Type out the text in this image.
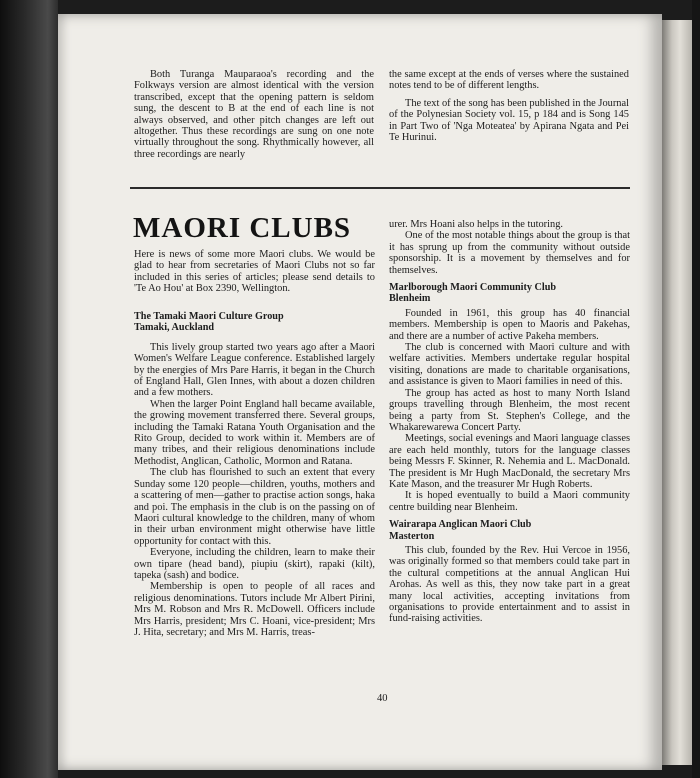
Both Turanga Mauparaoa's recording and the Folkways version are almost identical with the version transcribed, except that the opening pattern is seldom sung, the descent to B at the end of each line is not always observed, and other pitch changes are left out altogether. Thus these recordings are sung on one note virtually throughout the song. Rhythmically however, all three recordings are nearly

the same except at the ends of verses where the sustained notes tend to be of different lengths.

The text of the song has been published in the Journal of the Polynesian Society vol. 15, p 184 and is Song 145 in Part Two of 'Nga Moteatea' by Apirana Ngata and Pei Te Hurinui.

MAORI CLUBS

Here is news of some more Maori clubs. We would be glad to hear from secretaries of Maori Clubs not so far included in this series of articles; please send details to 'Te Ao Hou' at Box 2390, Wellington.

The Tamaki Maori Culture Group
Tamaki, Auckland

This lively group started two years ago after a Maori Women's Welfare League conference. Established largely by the energies of Mrs Pare Harris, it began in the Church of England Hall, Glen Innes, with about a dozen children and a few mothers.

When the larger Point England hall became available, the growing movement transferred there. Several groups, including the Tamaki Ratana Youth Organisation and the Rito Group, decided to work within it. Members are of many tribes, and their religious denominations include Methodist, Anglican, Catholic, Mormon and Ratana.

The club has flourished to such an extent that every Sunday some 120 people—children, youths, mothers and a scattering of men—gather to practise action songs, haka and poi. The emphasis in the club is on the passing on of Maori cultural knowledge to the children, many of whom in their urban environment might otherwise have little opportunity for contact with this.

Everyone, including the children, learn to make their own tipare (head band), piupiu (skirt), rapaki (kilt), tapeka (sash) and bodice.

Membership is open to people of all races and religious denominations. Tutors include Mr Albert Pirini, Mrs M. Robson and Mrs R. McDowell. Officers include Mrs Harris, president; Mrs C. Hoani, vice-president; Mrs J. Hita, secretary; and Mrs M. Harris, treas-

urer. Mrs Hoani also helps in the tutoring.

One of the most notable things about the group is that it has sprung up from the community without outside sponsorship. It is a movement by themselves and for themselves.

Marlborough Maori Community Club
Blenheim

Founded in 1961, this group has 40 financial members. Membership is open to Maoris and Pakehas, and there are a number of active Pakeha members.

The club is concerned with Maori culture and with welfare activities. Members undertake regular hospital visiting, donations are made to charitable organisations, and assistance is given to Maori families in need of this.

The group has acted as host to many North Island groups travelling through Blenheim, the most recent being a party from St. Stephen's College, and the Whakarewarewa Concert Party.

Meetings, social evenings and Maori language classes are each held monthly, tutors for the language classes being Messrs F. Skinner, R. Nehemia and L. MacDonald. The president is Mr Hugh MacDonald, the secretary Mrs Kate Mason, and the treasurer Mr Hugh Roberts.

It is hoped eventually to build a Maori community centre building near Blenheim.

Wairarapa Anglican Maori Club
Masterton

This club, founded by the Rev. Hui Vercoe in 1956, was originally formed so that members could take part in the cultural competitions at the annual Anglican Hui Arohas. As well as this, they now take part in a great many local activities, accepting invitations from organisations to provide entertainment and to assist in fund-raising activities.

40
